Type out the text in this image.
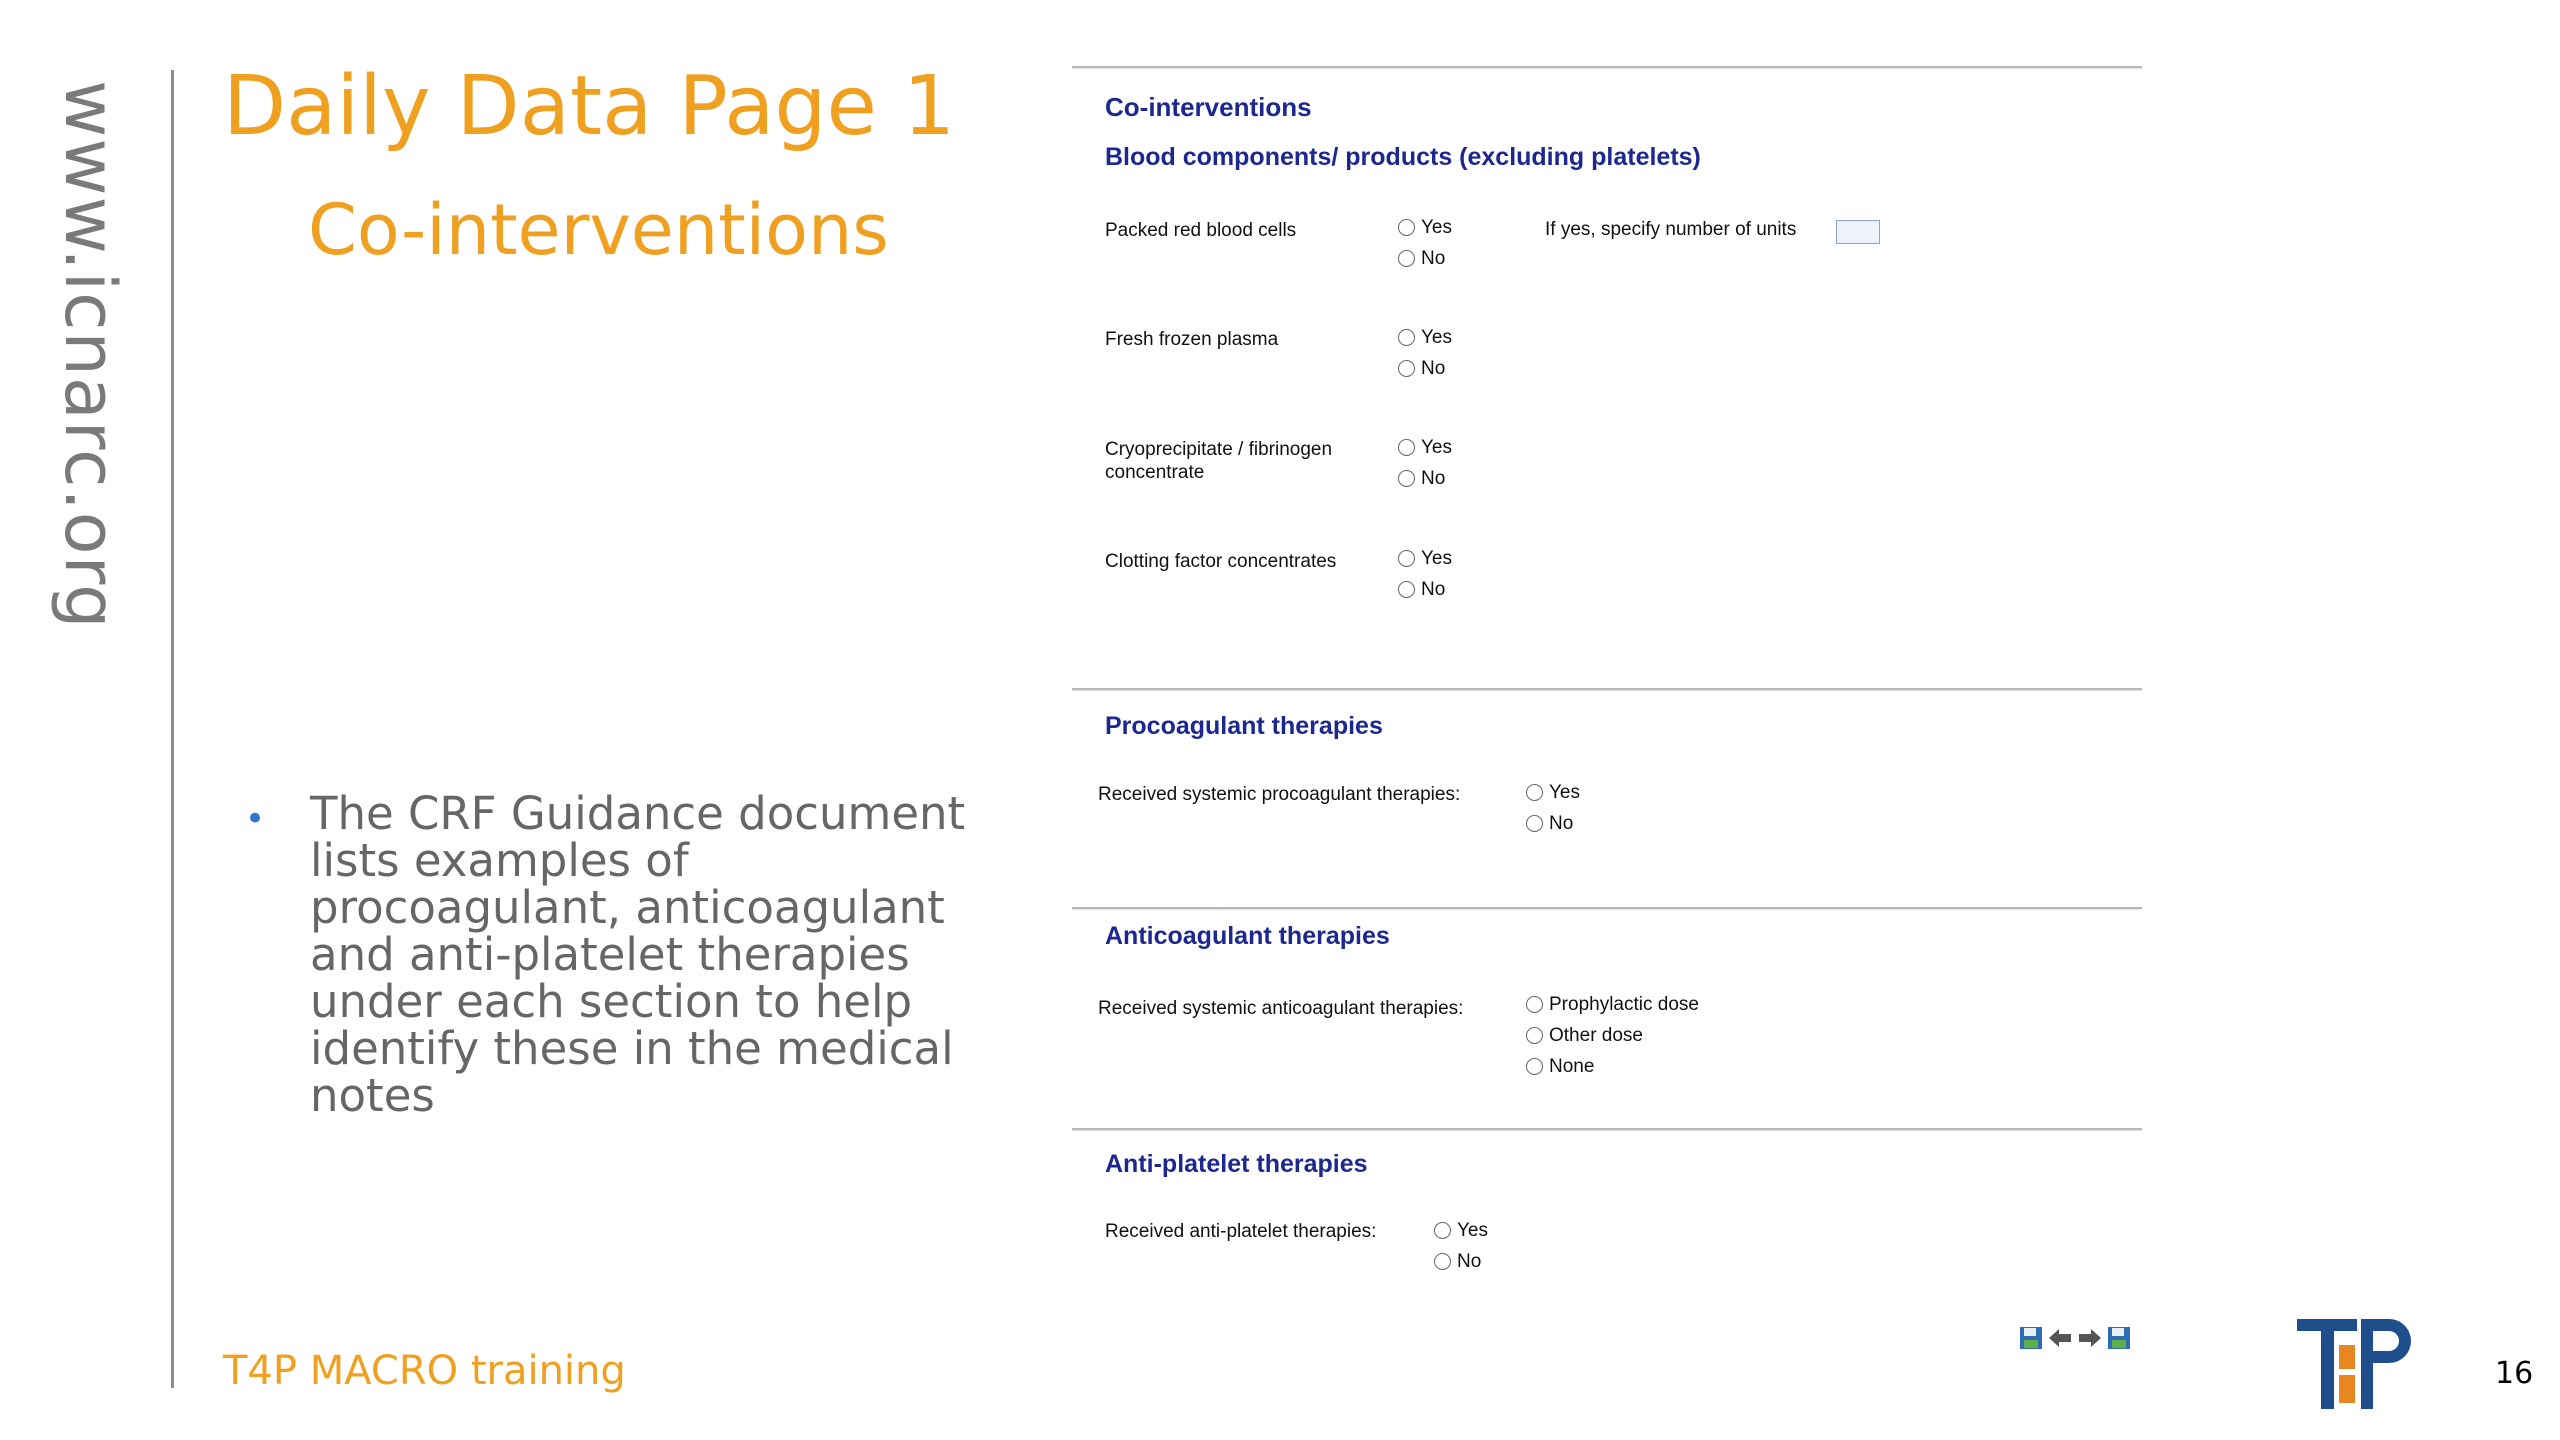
www.icnarc.org Daily Data Page 1
Co-interventions
• The CRF Guidance document lists examples of procoagulant, anticoagulant and anti-platelet therapies under each section to help identify these in the medical notes
T4P MACRO training	16
Co-interventions
Blood components/ products (excluding platelets)
Packed red blood cells	Yes
No
If yes, specify number of units
Fresh frozen plasma	Yes
No
Cryoprecipitate / fibrinogen concentrate
Yes
No
Clotting factor concentrates	Yes
No
Procoagulant therapies
Received systemic procoagulant therapies:	Yes
No
Anticoagulant therapies
Received systemic anticoagulant therapies:	Prophylactic dose
Other dose
None
Anti-platelet therapies
Received anti-platelet therapies:	Yes
No
